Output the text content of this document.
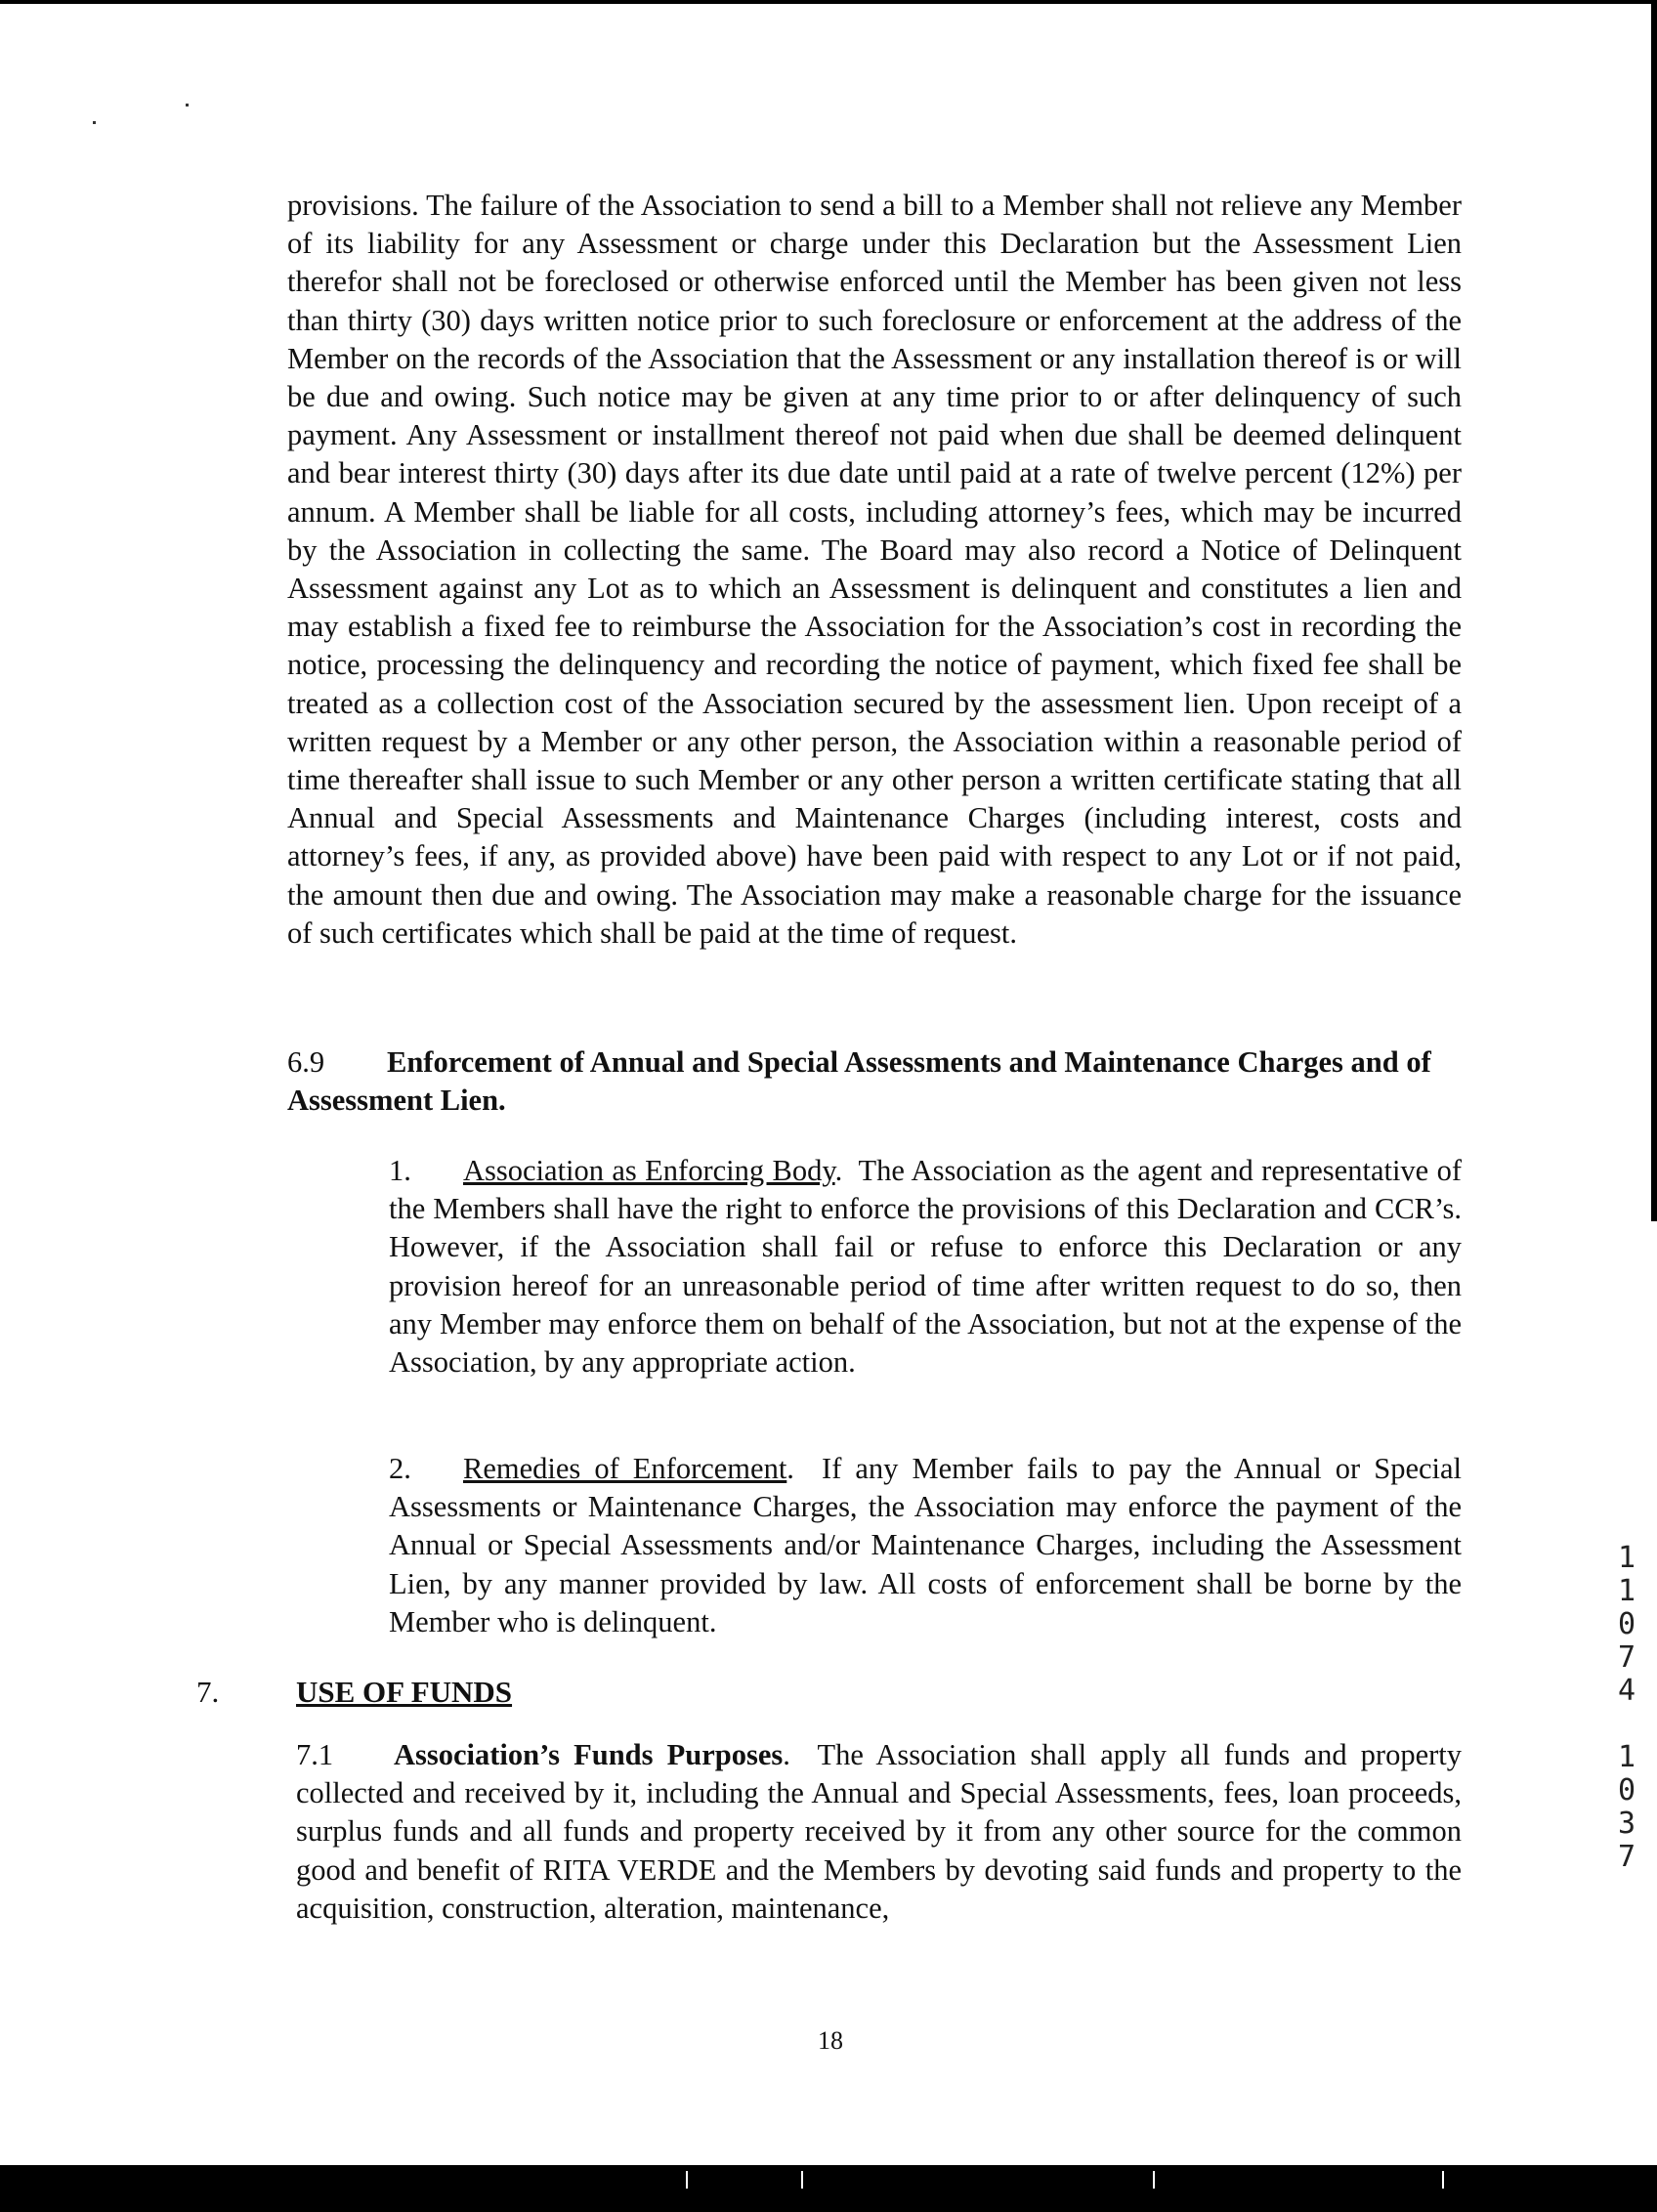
provisions. The failure of the Association to send a bill to a Member shall not relieve any Member of its liability for any Assessment or charge under this Declaration but the Assessment Lien therefor shall not be foreclosed or otherwise enforced until the Member has been given not less than thirty (30) days written notice prior to such foreclosure or enforcement at the address of the Member on the records of the Association that the Assessment or any installation thereof is or will be due and owing. Such notice may be given at any time prior to or after delinquency of such payment. Any Assessment or installment thereof not paid when due shall be deemed delinquent and bear interest thirty (30) days after its due date until paid at a rate of twelve percent (12%) per annum. A Member shall be liable for all costs, including attorney’s fees, which may be incurred by the Association in collecting the same. The Board may also record a Notice of Delinquent Assessment against any Lot as to which an Assessment is delinquent and constitutes a lien and may establish a fixed fee to reimburse the Association for the Association’s cost in recording the notice, processing the delinquency and recording the notice of payment, which fixed fee shall be treated as a collection cost of the Association secured by the assessment lien. Upon receipt of a written request by a Member or any other person, the Association within a reasonable period of time thereafter shall issue to such Member or any other person a written certificate stating that all Annual and Special Assessments and Maintenance Charges (including interest, costs and attorney’s fees, if any, as provided above) have been paid with respect to any Lot or if not paid, the amount then due and owing. The Association may make a reasonable charge for the issuance of such certificates which shall be paid at the time of request.
6.9 Enforcement of Annual and Special Assessments and Maintenance Charges and of Assessment Lien.
1. Association as Enforcing Body.  The Association as the agent and representative of the Members shall have the right to enforce the provisions of this Declaration and CCR’s. However, if the Association shall fail or refuse to enforce this Declaration or any provision hereof for an unreasonable period of time after written request to do so, then any Member may enforce them on behalf of the Association, but not at the expense of the Association, by any appropriate action.
2. Remedies of Enforcement.  If any Member fails to pay the Annual or Special Assessments or Maintenance Charges, the Association may enforce the payment of the Annual or Special Assessments and/or Maintenance Charges, including the Assessment Lien, by any manner provided by law. All costs of enforcement shall be borne by the Member who is delinquent.
7.	USE OF FUNDS
7.1 Association’s Funds Purposes.  The Association shall apply all funds and property collected and received by it, including the Annual and Special Assessments, fees, loan proceeds, surplus funds and all funds and property received by it from any other source for the common good and benefit of RITA VERDE and the Members by devoting said funds and property to the acquisition, construction, alteration, maintenance,
1
1
0
7
4
1
0
3
7
18
